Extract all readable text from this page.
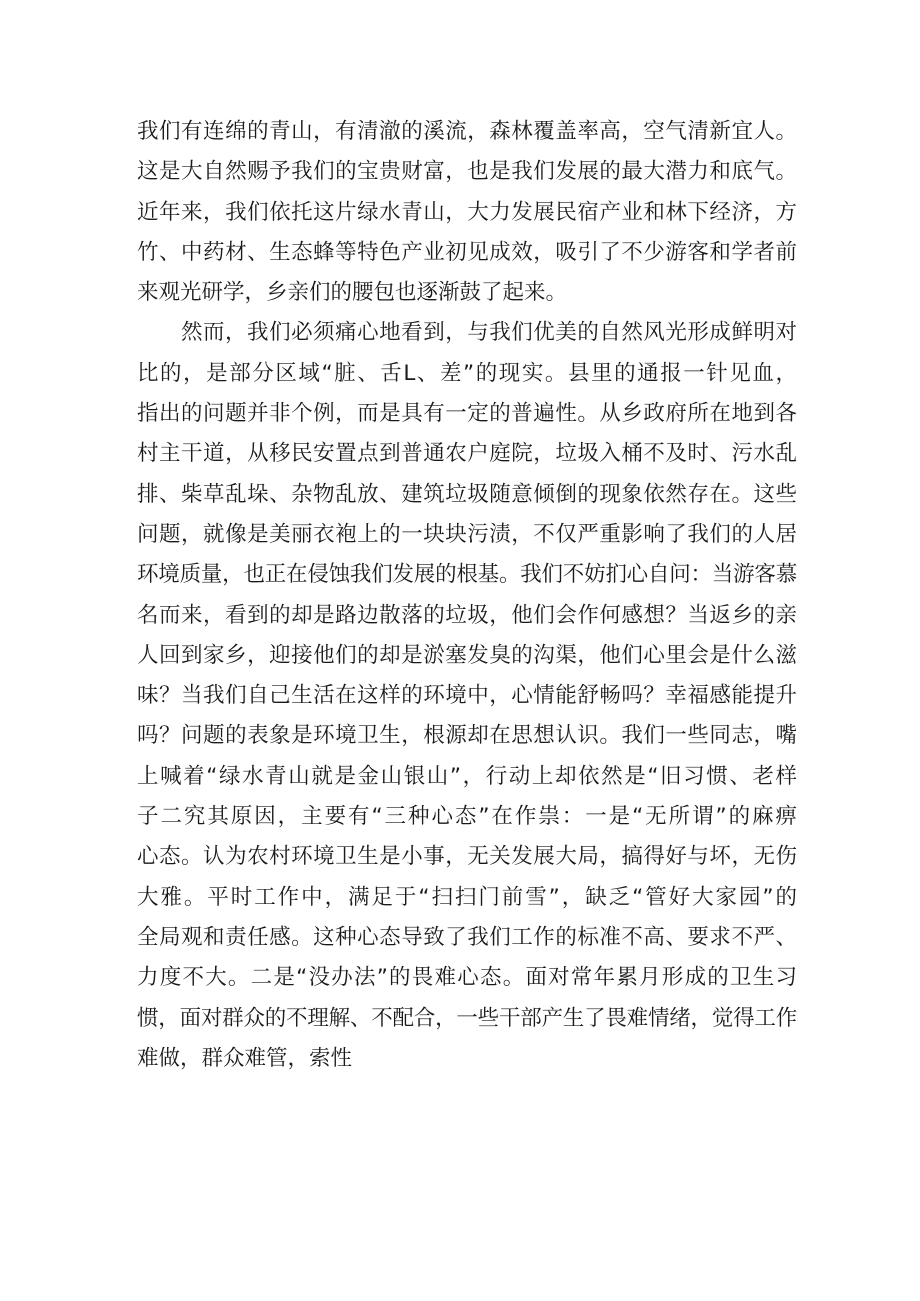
我们有连绵的青山，有清澈的溪流，森林覆盖率高，空气清新宜人。
这是大自然赐予我们的宝贵财富，也是我们发展的最大潜力和底气。
近年来，我们依托这片绿水青山，大力发展民宿产业和林下经济，方
竹、中药材、生态蜂等特色产业初见成效，吸引了不少游客和学者前
来观光研学，乡亲们的腰包也逐渐鼓了起来。
然而，我们必须痛心地看到，与我们优美的自然风光形成鲜明对
比的，是部分区域“脏、舌L、差”的现实。县里的通报一针见血，
指出的问题并非个例，而是具有一定的普遍性。从乡政府所在地到各
村主干道，从移民安置点到普通农户庭院，垃圾入桶不及时、污水乱
排、柴草乱垛、杂物乱放、建筑垃圾随意倾倒的现象依然存在。这些
问题，就像是美丽衣袍上的一块块污渍，不仅严重影响了我们的人居
环境质量，也正在侵蚀我们发展的根基。我们不妨扪心自问：当游客慕
名而来，看到的却是路边散落的垃圾，他们会作何感想？当返乡的亲
人回到家乡，迎接他们的却是淤塞发臭的沟渠，他们心里会是什么滋
味？当我们自己生活在这样的环境中，心情能舒畅吗？幸福感能提升
吗？问题的表象是环境卫生，根源却在思想认识。我们一些同志，嘴
上喊着“绿水青山就是金山银山”，行动上却依然是“旧习惯、老样
子二究其原因，主要有“三种心态”在作祟：一是“无所谓”的麻痹
心态。认为农村环境卫生是小事，无关发展大局，搞得好与坏，无伤
大雅。平时工作中，满足于“扫扫门前雪”，缺乏“管好大家园”的
全局观和责任感。这种心态导致了我们工作的标准不高、要求不严、
力度不大。二是“没办法”的畏难心态。面对常年累月形成的卫生习
惯，面对群众的不理解、不配合，一些干部产生了畏难情绪，觉得工作
难做，群众难管，索性
